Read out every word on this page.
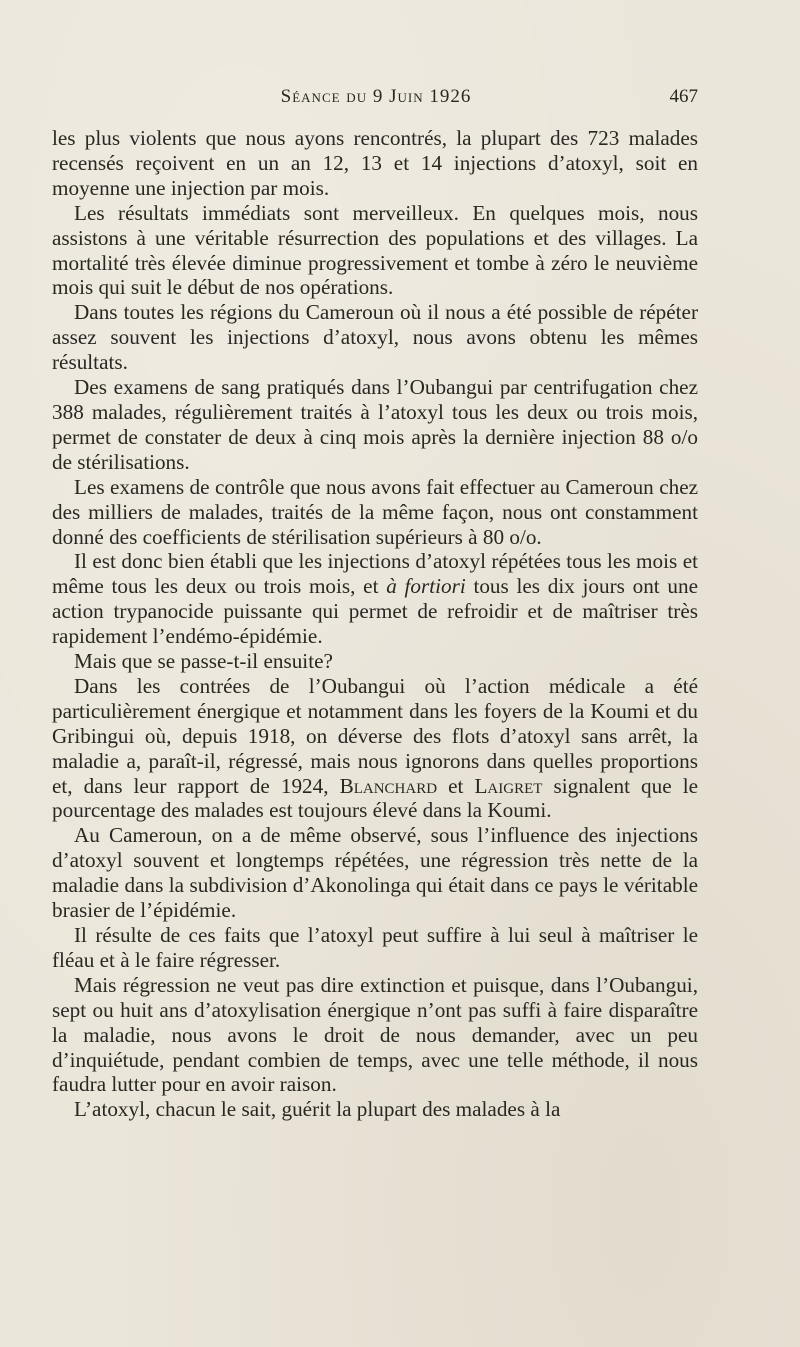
Séance du 9 Juin 1926	467

les plus violents que nous ayons rencontrés, la plupart des 723 malades recensés reçoivent en un an 12, 13 et 14 injections d’atoxyl, soit en moyenne une injection par mois.

Les résultats immédiats sont merveilleux. En quelques mois, nous assistons à une véritable résurrection des populations et des villages. La mortalité très élevée diminue progressivement et tombe à zéro le neuvième mois qui suit le début de nos opérations.

Dans toutes les régions du Cameroun où il nous a été possible de répéter assez souvent les injections d’atoxyl, nous avons obtenu les mêmes résultats.

Des examens de sang pratiqués dans l’Oubangui par centrifugation chez 388 malades, régulièrement traités à l’atoxyl tous les deux ou trois mois, permet de constater de deux à cinq mois après la dernière injection 88 o/o de stérilisations.

Les examens de contrôle que nous avons fait effectuer au Cameroun chez des milliers de malades, traités de la même façon, nous ont constamment donné des coefficients de stérilisation supérieurs à 80 o/o.

Il est donc bien établi que les injections d’atoxyl répétées tous les mois et même tous les deux ou trois mois, et à fortiori tous les dix jours ont une action trypanocide puissante qui permet de refroidir et de maîtriser très rapidement l’endémo-épidémie.

Mais que se passe-t-il ensuite?

Dans les contrées de l’Oubangui où l’action médicale a été particulièrement énergique et notamment dans les foyers de la Koumi et du Gribingui où, depuis 1918, on déverse des flots d’atoxyl sans arrêt, la maladie a, paraît-il, régressé, mais nous ignorons dans quelles proportions et, dans leur rapport de 1924, Blanchard et Laigret signalent que le pourcentage des malades est toujours élevé dans la Koumi.

Au Cameroun, on a de même observé, sous l’influence des injections d’atoxyl souvent et longtemps répétées, une régression très nette de la maladie dans la subdivision d’Akonolinga qui était dans ce pays le véritable brasier de l’épidémie.

Il résulte de ces faits que l’atoxyl peut suffire à lui seul à maîtriser le fléau et à le faire régresser.

Mais régression ne veut pas dire extinction et puisque, dans l’Oubangui, sept ou huit ans d’atoxylisation énergique n’ont pas suffi à faire disparaître la maladie, nous avons le droit de nous demander, avec un peu d’inquiétude, pendant combien de temps, avec une telle méthode, il nous faudra lutter pour en avoir raison.

L’atoxyl, chacun le sait, guérit la plupart des malades à la
